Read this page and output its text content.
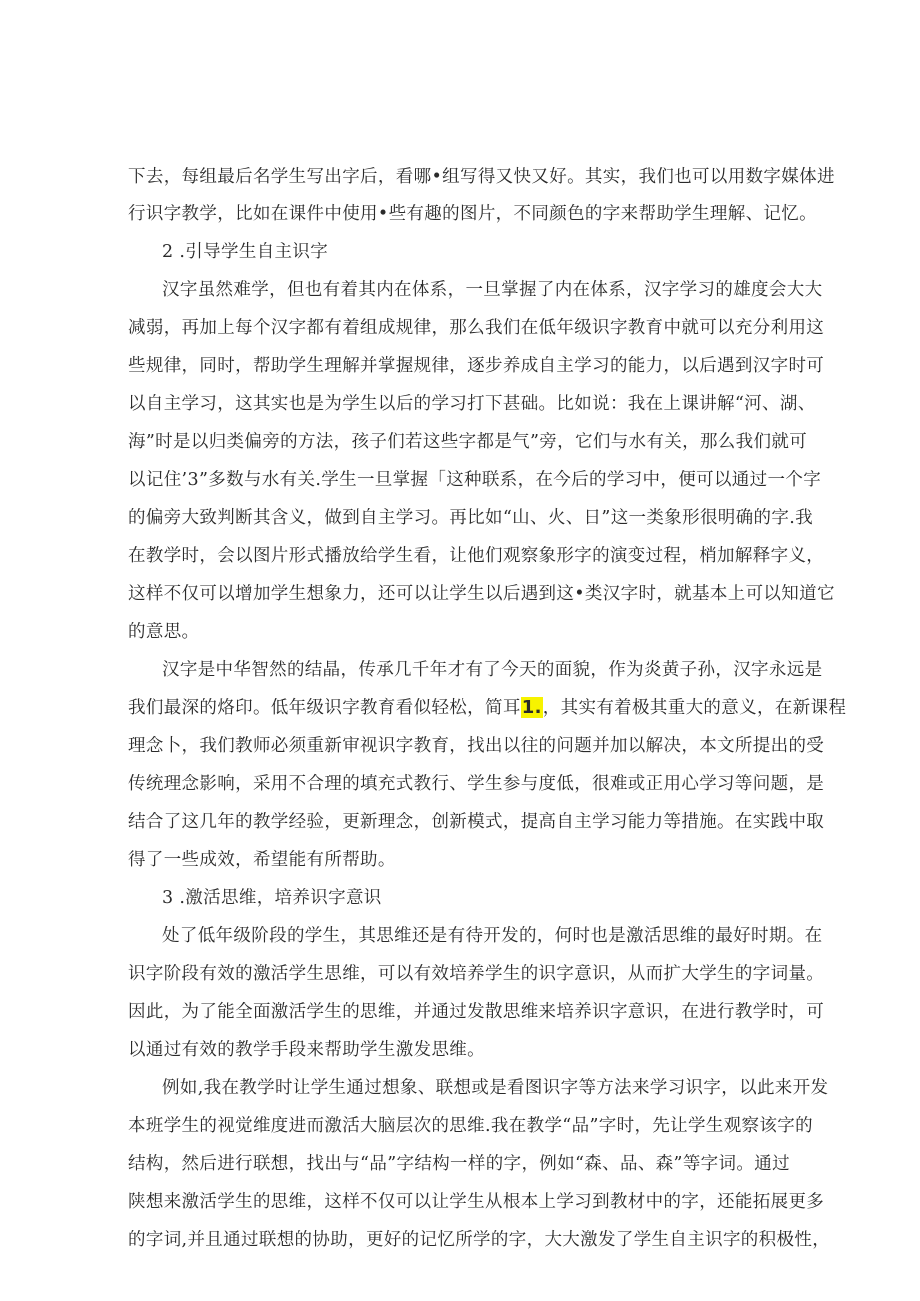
下去，每组最后名学生写出字后，看哪•组写得又快又好。其实，我们也可以用数字媒体进
行识字教学，比如在课件中使用•些有趣的图片，不同颜色的字来帮助学生理解、记忆。
2 .引导学生自主识字
汉字虽然难学，但也有着其内在体系，一旦掌握了内在体系，汉字学习的雄度会大大
减弱，再加上每个汉字都有着组成规律，那么我们在低年级识字教育中就可以充分利用这
些规律，同时，帮助学生理解并掌握规律，逐步养成自主学习的能力，以后遇到汉字时可
以自主学习，这其实也是为学生以后的学习打下甚础。比如说：我在上课讲解“河、湖、
海”时是以归类偏旁的方法，孩子们若这些字都是气”旁，它们与水有关，那么我们就可
以记住’3”多数与水有关.学生一旦掌握「这种联系，在今后的学习中，便可以通过一个字
的偏旁大致判断其含义，做到自主学习。再比如“山、火、日”这一类象形很明确的字.我
在教学时，会以图片形式播放给学生看，让他们观察象形字的演变过程，梢加解释字义，
这样不仅可以增加学生想象力，还可以让学生以后遇到这•类汉字时，就基本上可以知道它
的意思。
汉字是中华智然的结晶，传承几千年才有了今天的面貌，作为炎黄子孙，汉字永远是
我们最深的烙印。低年级识字教育看似轻松，简耳1.，其实有着极其重大的意义，在新课程
理念卜，我们教师必须重新审视识字教育，找出以往的问题并加以解决，本文所提出的受
传统理念影响，采用不合理的填充式教行、学生参与度低，很难或正用心学习等问题，是
结合了这几年的教学经验，更新理念，创新模式，提高自主学习能力等措施。在实践中取
得了一些成效，希望能有所帮助。
3 .激活思维，培养识字意识
处了低年级阶段的学生，其思维还是有待开发的，何时也是激活思维的最好时期。在
识字阶段有效的激活学生思维，可以有效培养学生的识字意识，从而扩大学生的字词量。
因此，为了能全面激活学生的思维，并通过发散思维来培养识字意识，在进行教学时，可
以通过有效的教学手段来帮助学生激发思维。
例如,我在教学时让学生通过想象、联想或是看图识字等方法来学习识字，以此来开发
本班学生的视觉维度进而激活大脑层次的思维.我在教学“品”字时，先让学生观察该字的
结构，然后进行联想，找出与“品”字结构一样的字，例如“森、品、森”等字词。通过
陕想来激活学生的思维，这样不仅可以让学生从根本上学习到教材中的字，还能拓展更多
的字词,并且通过联想的协助，更好的记忆所学的字，大大激发了学生自主识字的积极性，
